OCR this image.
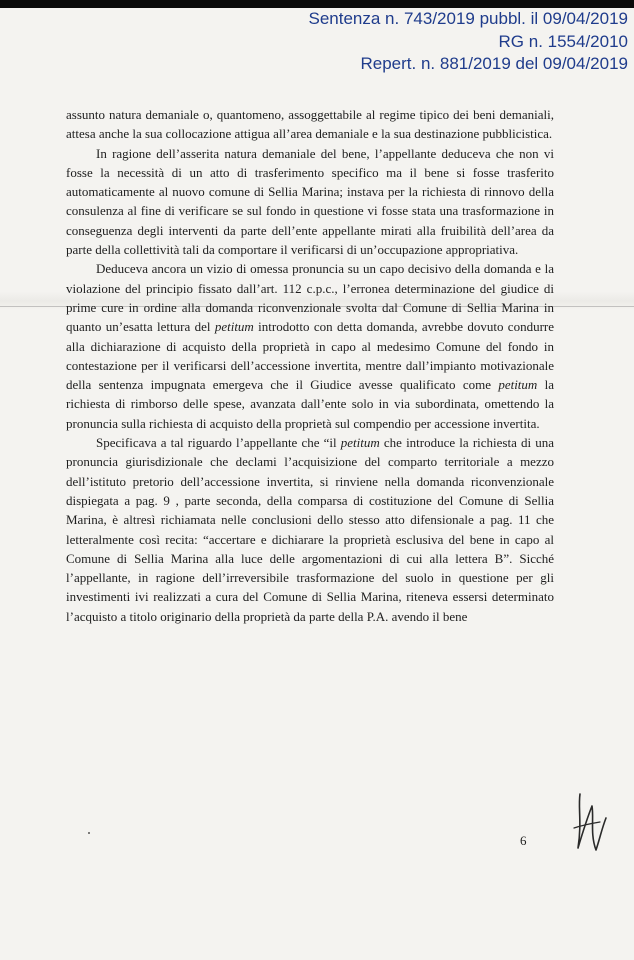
Sentenza n. 743/2019 pubbl. il 09/04/2019
RG n. 1554/2010
Repert. n. 881/2019 del 09/04/2019

assunto natura demaniale o, quantomeno, assoggettabile al regime tipico dei beni demaniali, attesa anche la sua collocazione attigua all’area demaniale e la sua destinazione pubblicistica.

In ragione dell’asserita natura demaniale del bene, l’appellante deduceva che non vi fosse la necessità di un atto di trasferimento specifico ma il bene si fosse trasferito automaticamente al nuovo comune di Sellia Marina; instava per la richiesta di rinnovo della consulenza al fine di verificare se sul fondo in questione vi fosse stata una trasformazione in conseguenza degli interventi da parte dell’ente appellante mirati alla fruibilità dell’area da parte della collettività tali da comportare il verificarsi di un’occupazione appropriativa.

Deduceva ancora un vizio di omessa pronuncia su un capo decisivo della domanda e la violazione del principio fissato dall’art. 112 c.p.c., l’erronea determinazione del giudice di prime cure in ordine alla domanda riconvenzionale svolta dal Comune di Sellia Marina in quanto un’esatta lettura del petitum introdotto con detta domanda, avrebbe dovuto condurre alla dichiarazione di acquisto della proprietà in capo al medesimo Comune del fondo in contestazione per il verificarsi dell’accessione invertita, mentre dall’impianto motivazionale della sentenza impugnata emergeva che il Giudice avesse qualificato come petitum la richiesta di rimborso delle spese, avanzata dall’ente solo in via subordinata, omettendo la pronuncia sulla richiesta di acquisto della proprietà sul compendio per accessione invertita.

Specificava a tal riguardo l’appellante che “il petitum che introduce la richiesta di una pronuncia giurisdizionale che declami l’acquisizione del comparto territoriale a mezzo dell’istituto pretorio dell’accessione invertita, si rinviene nella domanda riconvenzionale dispiegata a pag. 9 , parte seconda, della comparsa di costituzione del Comune di Sellia Marina, è altresì richiamata nelle conclusioni dello stesso atto difensionale a pag. 11 che letteralmente così recita: “accertare e dichiarare la proprietà esclusiva del bene in capo al Comune di Sellia Marina alla luce delle argomentazioni di cui alla lettera B”. Sicché l’appellante, in ragione dell’irreversibile trasformazione del suolo in questione per gli investimenti ivi realizzati a cura del Comune di Sellia Marina, riteneva essersi determinato l’acquisto a titolo originario della proprietà da parte della P.A. avendo il bene

6
